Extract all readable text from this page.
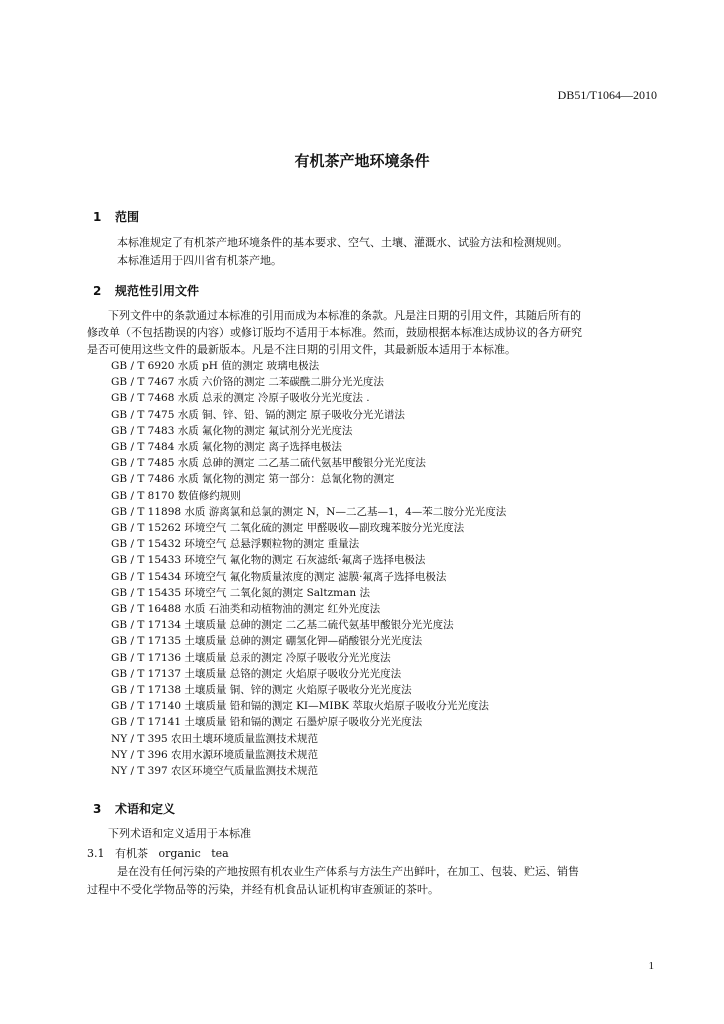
DB51/T1064—2010
有机茶产地环境条件
1 范围
本标准规定了有机茶产地环境条件的基本要求、空气、土壤、灌溉水、试验方法和检测规则。
本标准适用于四川省有机茶产地。
2 规范性引用文件
下列文件中的条款通过本标准的引用而成为本标准的条款。凡是注日期的引用文件，其随后所有的
修改单（不包括勘误的内容）或修订版均不适用于本标准。然而，鼓励根据本标准达成协议的各方研究
是否可使用这些文件的最新版本。凡是不注日期的引用文件，其最新版本适用于本标准。
GB / T 6920 水质 pH 值的测定 玻璃电极法
GB / T 7467 水质 六价铬的测定 二苯碳酰二肼分光光度法
GB / T 7468 水质 总汞的测定 冷原子吸收分光光度法 .
GB / T 7475 水质 铜、锌、铅、镉的测定 原子吸收分光光谱法
GB / T 7483 水质 氟化物的测定 氟试剂分光光度法
GB / T 7484 水质 氟化物的测定 离子选择电极法
GB / T 7485 水质 总砷的测定 二乙基二硫代氨基甲酸银分光光度法
GB / T 7486 水质 氰化物的测定 第一部分：总氰化物的测定
GB / T 8170 数值修约规则
GB / T 11898 水质 游离氯和总氯的测定 N，N—二乙基—1，4—苯二胺分光光度法
GB / T 15262 环境空气 二氧化硫的测定 甲醛吸收—副玫瑰苯胺分光光度法
GB / T 15432 环境空气 总悬浮颗粒物的测定 重量法
GB / T 15433 环境空气 氟化物的测定 石灰滤纸·氟离子选择电极法
GB / T 15434 环境空气 氟化物质量浓度的测定 滤膜·氟离子选择电极法
GB / T 15435 环境空气 二氧化氮的测定 Saltzman 法
GB / T 16488 水质 石油类和动植物油的测定 红外光度法
GB / T 17134 土壤质量 总砷的测定 二乙基二硫代氨基甲酸银分光光度法
GB / T 17135 土壤质量 总砷的测定 硼氢化钾—硝酸银分光光度法
GB / T 17136 土壤质量 总汞的测定 冷原子吸收分光光度法
GB / T 17137 土壤质量 总铬的测定 火焰原子吸收分光光度法
GB / T 17138 土壤质量 铜、锌的测定 火焰原子吸收分光光度法
GB / T 17140 土壤质量 铅和镉的测定 KI—MIBK 萃取火焰原子吸收分光光度法
GB / T 17141 土壤质量 铅和镉的测定 石墨炉原子吸收分光光度法
NY / T 395 农田土壤环境质量监测技术规范
NY / T 396 农用水源环境质量监测技术规范
NY / T 397 农区环境空气质量监测技术规范
3 术语和定义
下列术语和定义适用于本标准
3.1 有机茶 organic   tea
是在没有任何污染的产地按照有机农业生产体系与方法生产出鲜叶，在加工、包装、贮运、销售
过程中不受化学物品等的污染，并经有机食品认证机构审查颁证的茶叶。
1
